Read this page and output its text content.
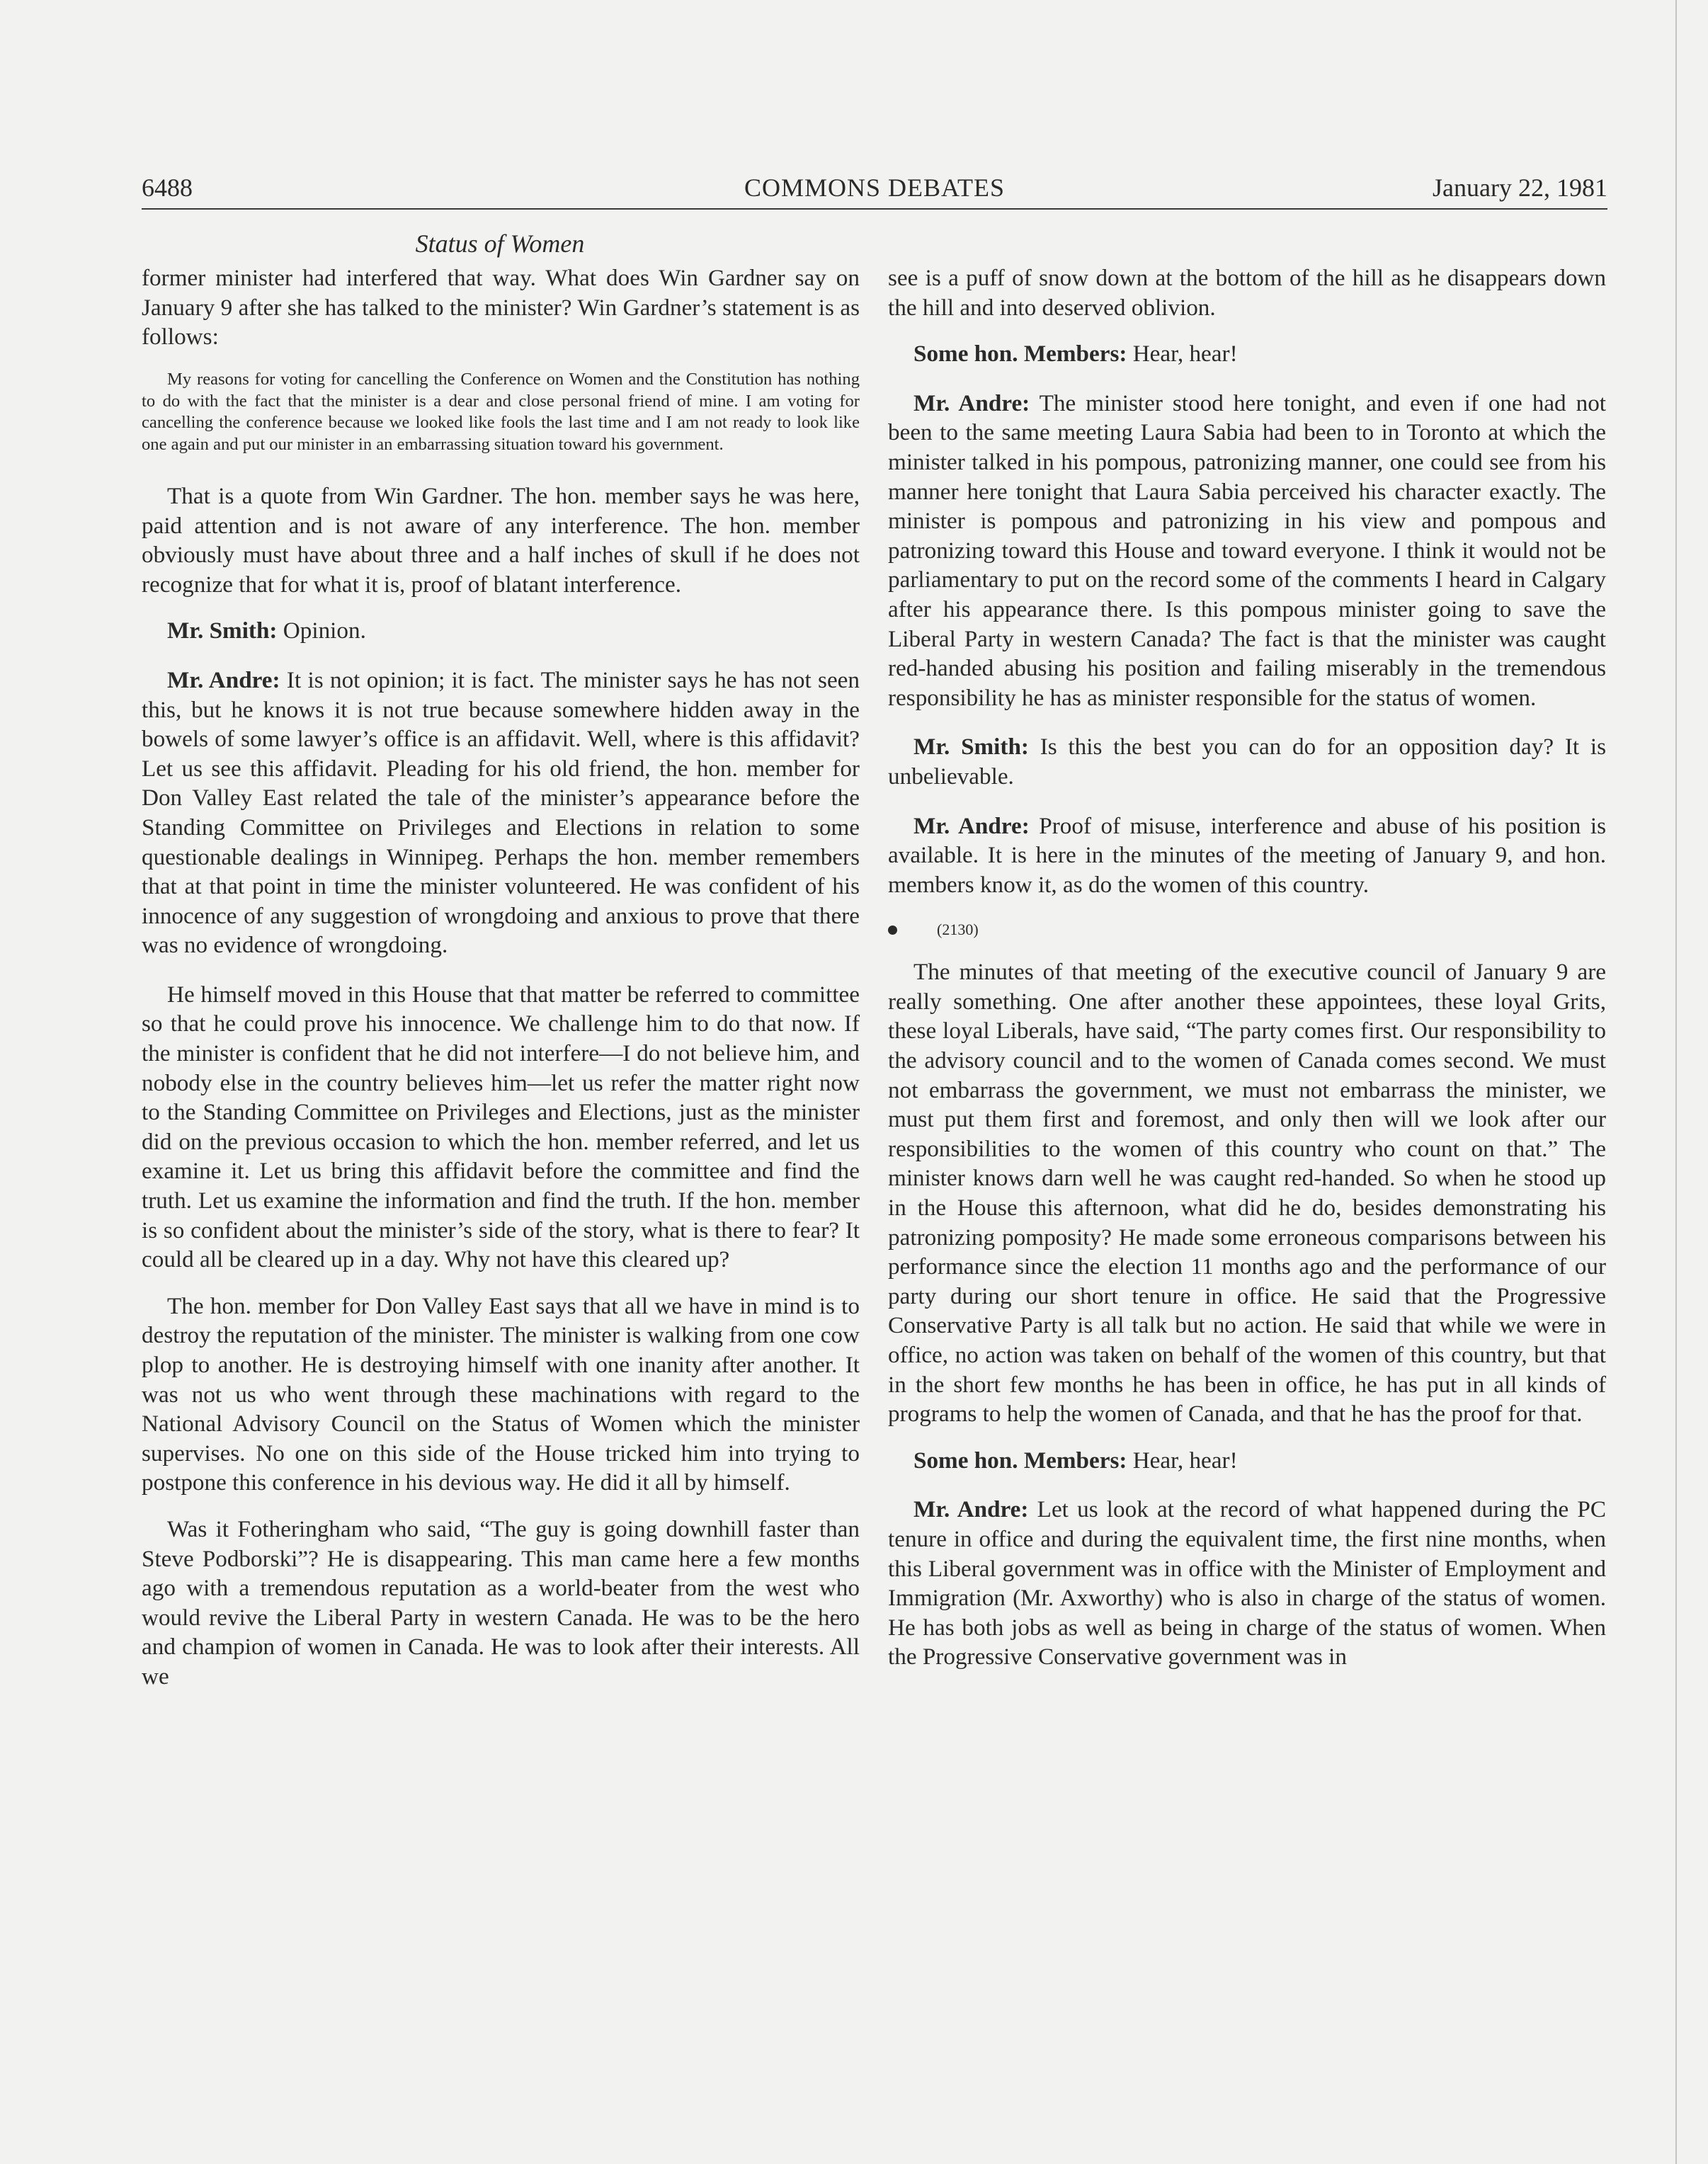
6488	COMMONS DEBATES	January 22, 1981
Status of Women

former minister had interfered that way. What does Win Gardner say on January 9 after she has talked to the minister? Win Gardner’s statement is as follows:

My reasons for voting for cancelling the Conference on Women and the Constitution has nothing to do with the fact that the minister is a dear and close personal friend of mine. I am voting for cancelling the conference because we looked like fools the last time and I am not ready to look like one again and put our minister in an embarrassing situation toward his government.

That is a quote from Win Gardner. The hon. member says he was here, paid attention and is not aware of any interference. The hon. member obviously must have about three and a half inches of skull if he does not recognize that for what it is, proof of blatant interference.

Mr. Smith: Opinion.

Mr. Andre: It is not opinion; it is fact. The minister says he has not seen this, but he knows it is not true because somewhere hidden away in the bowels of some lawyer’s office is an affidavit. Well, where is this affidavit? Let us see this affidavit. Pleading for his old friend, the hon. member for Don Valley East related the tale of the minister’s appearance before the Standing Committee on Privileges and Elections in relation to some questionable dealings in Winnipeg. Perhaps the hon. member remembers that at that point in time the minister volunteered. He was confident of his innocence of any suggestion of wrongdoing and anxious to prove that there was no evidence of wrongdoing.

He himself moved in this House that that matter be referred to committee so that he could prove his innocence. We challenge him to do that now. If the minister is confident that he did not interfere—I do not believe him, and nobody else in the country believes him—let us refer the matter right now to the Standing Committee on Privileges and Elections, just as the minister did on the previous occasion to which the hon. member referred, and let us examine it. Let us bring this affidavit before the committee and find the truth. Let us examine the information and find the truth. If the hon. member is so confident about the minister’s side of the story, what is there to fear? It could all be cleared up in a day. Why not have this cleared up?

The hon. member for Don Valley East says that all we have in mind is to destroy the reputation of the minister. The minister is walking from one cow plop to another. He is destroying himself with one inanity after another. It was not us who went through these machinations with regard to the National Advisory Council on the Status of Women which the minister supervises. No one on this side of the House tricked him into trying to postpone this conference in his devious way. He did it all by himself.

Was it Fotheringham who said, “The guy is going downhill faster than Steve Podborski”? He is disappearing. This man came here a few months ago with a tremendous reputation as a world-beater from the west who would revive the Liberal Party in western Canada. He was to be the hero and champion of women in Canada. He was to look after their interests. All we

see is a puff of snow down at the bottom of the hill as he disappears down the hill and into deserved oblivion.

Some hon. Members: Hear, hear!

Mr. Andre: The minister stood here tonight, and even if one had not been to the same meeting Laura Sabia had been to in Toronto at which the minister talked in his pompous, patronizing manner, one could see from his manner here tonight that Laura Sabia perceived his character exactly. The minister is pompous and patronizing in his view and pompous and patronizing toward this House and toward everyone. I think it would not be parliamentary to put on the record some of the comments I heard in Calgary after his appearance there. Is this pompous minister going to save the Liberal Party in western Canada? The fact is that the minister was caught red-handed abusing his position and failing miserably in the tremendous responsibility he has as minister responsible for the status of women.

Mr. Smith: Is this the best you can do for an opposition day? It is unbelievable.

Mr. Andre: Proof of misuse, interference and abuse of his position is available. It is here in the minutes of the meeting of January 9, and hon. members know it, as do the women of this country.

(2130)

The minutes of that meeting of the executive council of January 9 are really something. One after another these appointees, these loyal Grits, these loyal Liberals, have said, “The party comes first. Our responsibility to the advisory council and to the women of Canada comes second. We must not embarrass the government, we must not embarrass the minister, we must put them first and foremost, and only then will we look after our responsibilities to the women of this country who count on that.” The minister knows darn well he was caught red-handed. So when he stood up in the House this afternoon, what did he do, besides demonstrating his patronizing pomposity? He made some erroneous comparisons between his performance since the election 11 months ago and the performance of our party during our short tenure in office. He said that the Progressive Conservative Party is all talk but no action. He said that while we were in office, no action was taken on behalf of the women of this country, but that in the short few months he has been in office, he has put in all kinds of programs to help the women of Canada, and that he has the proof for that.

Some hon. Members: Hear, hear!

Mr. Andre: Let us look at the record of what happened during the PC tenure in office and during the equivalent time, the first nine months, when this Liberal government was in office with the Minister of Employment and Immigration (Mr. Axworthy) who is also in charge of the status of women. He has both jobs as well as being in charge of the status of women. When the Progressive Conservative government was in
